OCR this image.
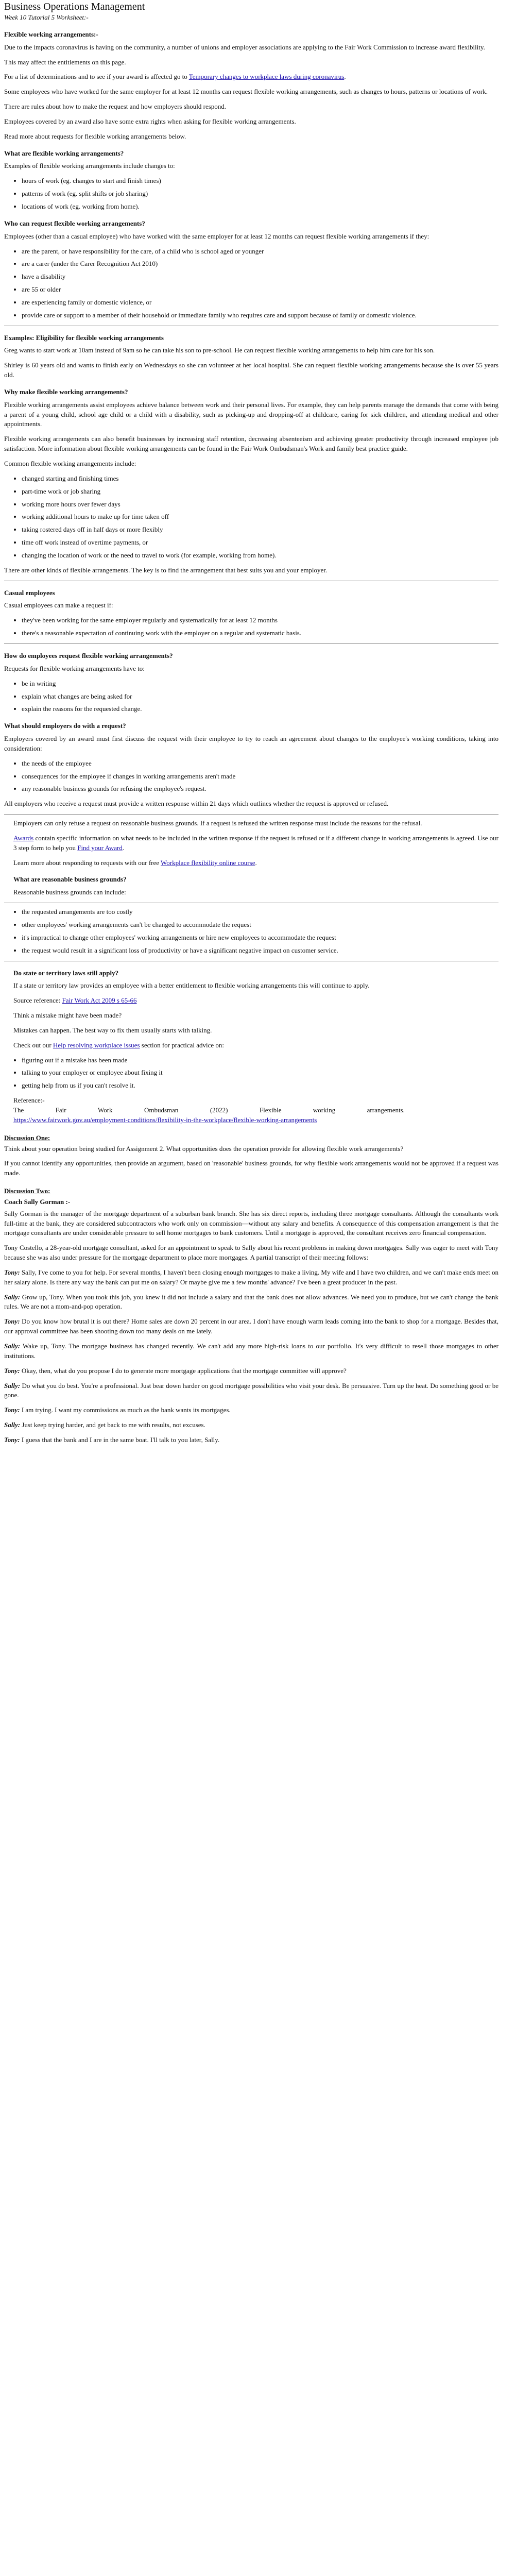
Business Operations Management
Week 10 Tutorial 5 Worksheet:-
Flexible working arrangements:-

Due to the impacts coronavirus is having on the community, a number of unions and employer associations are applying to the Fair Work Commission to increase award flexibility.

This may affect the entitlements on this page.

For a list of determinations and to see if your award is affected go to Temporary changes to workplace laws during coronavirus.

Some employees who have worked for the same employer for at least 12 months can request flexible working arrangements, such as changes to hours, patterns or locations of work.

There are rules about how to make the request and how employers should respond.

Employees covered by an award also have some extra rights when asking for flexible working arrangements.

Read more about requests for flexible working arrangements below.

What are flexible working arrangements?

Examples of flexible working arrangements include changes to:

• hours of work (eg. changes to start and finish times)
• patterns of work (eg. split shifts or job sharing)
• locations of work (eg. working from home).
Who can request flexible working arrangements?

Employees (other than a casual employee) who have worked with the same employer for at least 12 months can request flexible working arrangements if they:

• are the parent, or have responsibility for the care, of a child who is school aged or younger
• are a carer (under the Carer Recognition Act 2010)
• have a disability
• are 55 or older
• are experiencing family or domestic violence, or
• provide care or support to a member of their household or immediate family who requires care and support because of family or domestic violence.
Examples: Eligibility for flexible working arrangements

Greg wants to start work at 10am instead of 9am so he can take his son to pre-school. He can request flexible working arrangements to help him care for his son.

Shirley is 60 years old and wants to finish early on Wednesdays so she can volunteer at her local hospital. She can request flexible working arrangements because she is over 55 years old.

Why make flexible working arrangements?

Flexible working arrangements assist employees achieve balance between work and their personal lives. For example, they can help parents manage the demands that come with being a parent of a young child, school age child or a child with a disability, such as picking-up and dropping-off at childcare, caring for sick children, and attending medical and other appointments.

Flexible working arrangements can also benefit businesses by increasing staff retention, decreasing absenteeism and achieving greater productivity through increased employee job satisfaction. More information about flexible working arrangements can be found in the Fair Work Ombudsman's Work and family best practice guide.

Common flexible working arrangements include:

• changed starting and finishing times
• part-time work or job sharing
• working more hours over fewer days
• working additional hours to make up for time taken off
• taking rostered days off in half days or more flexibly
• time off work instead of overtime payments, or
• changing the location of work or the need to travel to work (for example, working from home).

There are other kinds of flexible arrangements. The key is to find the arrangement that best suits you and your employer.

Casual employees

Casual employees can make a request if:

• they've been working for the same employer regularly and systematically for at least 12 months
• there's a reasonable expectation of continuing work with the employer on a regular and systematic basis.
How do employees request flexible working arrangements?

Requests for flexible working arrangements have to:

• be in writing
• explain what changes are being asked for
• explain the reasons for the requested change.
What should employers do with a request?

Employers covered by an award must first discuss the request with their employee to try to reach an agreement about changes to the employee's working conditions, taking into consideration:

• the needs of the employee
• consequences for the employee if changes in working arrangements aren't made
• any reasonable business grounds for refusing the employee's request.

All employers who receive a request must provide a written response within 21 days which outlines whether the request is approved or refused.

Employers can only refuse a request on reasonable business grounds. If a request is refused the written response must include the reasons for the refusal.

Awards contain specific information on what needs to be included in the written response if the request is refused or if a different change in working arrangements is agreed. Use our 3 step form to help you Find your Award.

Learn more about responding to requests with our free Workplace flexibility online course.

What are reasonable business grounds?

Reasonable business grounds can include:

• the requested arrangements are too costly
• other employees' working arrangements can't be changed to accommodate the request
• it's impractical to change other employees' working arrangements or hire new employees to accommodate the request
• the request would result in a significant loss of productivity or have a significant negative impact on customer service.
Do state or territory laws still apply?

If a state or territory law provides an employee with a better entitlement to flexible working arrangements this will continue to apply.

Source reference: Fair Work Act 2009 s 65-66

Think a mistake might have been made?

Mistakes can happen. The best way to fix them usually starts with talking.

Check out our Help resolving workplace issues section for practical advice on:

• figuring out if a mistake has been made
• talking to your employer or employee about fixing it
• getting help from us if you can't resolve it.
Reference:-
The	Fair	Work	Ombudsman	(2022)	Flexible	working	arrangements.
https://www.fairwork.gov.au/employment-conditions/flexibility-in-the-workplace/flexible-working-arrangements
Discussion One:

Think about your operation being studied for Assignment 2. What opportunities does the operation provide for allowing flexible work arrangements?

If you cannot identify any opportunities, then provide an argument, based on 'reasonable' business grounds, for why flexible work arrangements would not be approved if a request was made.

Discussion Two:
Coach Sally Gorman :-

Sally Gorman is the manager of the mortgage department of a suburban bank branch. She has six direct reports, including three mortgage consultants. Although the consultants work full-time at the bank, they are considered subcontractors who work only on commission—without any salary and benefits. A consequence of this compensation arrangement is that the mortgage consultants are under considerable pressure to sell home mortgages to bank customers. Until a mortgage is approved, the consultant receives zero financial compensation.

Tony Costello, a 28-year-old mortgage consultant, asked for an appointment to speak to Sally about his recent problems in making down mortgages. Sally was eager to meet with Tony because she was also under pressure for the mortgage department to place more mortgages. A partial transcript of their meeting follows:

Tony: Sally, I've come to you for help. For several months, I haven't been closing enough mortgages to make a living. My wife and I have two children, and we can't make ends meet on her salary alone. Is there any way the bank can put me on salary? Or maybe give me a few months' advance? I've been a great producer in the past.

Sally: Grow up, Tony. When you took this job, you knew it did not include a salary and that the bank does not allow advances. We need you to produce, but we can't change the bank rules. We are not a mom-and-pop operation.

Tony: Do you know how brutal it is out there? Home sales are down 20 percent in our area. I don't have enough warm leads coming into the bank to shop for a mortgage. Besides that, our approval committee has been shooting down too many deals on me lately.

Sally: Wake up, Tony. The mortgage business has changed recently. We can't add any more high-risk loans to our portfolio. It's very difficult to resell those mortgages to other institutions.

Tony: Okay, then, what do you propose I do to generate more mortgage applications that the mortgage committee will approve?

Sally: Do what you do best. You're a professional. Just bear down harder on good mortgage possibilities who visit your desk. Be persuasive. Turn up the heat. Do something good or be gone.

Tony: I am trying. I want my commissions as much as the bank wants its mortgages.

Sally: Just keep trying harder, and get back to me with results, not excuses.

Tony: I guess that the bank and I are in the same boat. I'll talk to you later, Sally.
